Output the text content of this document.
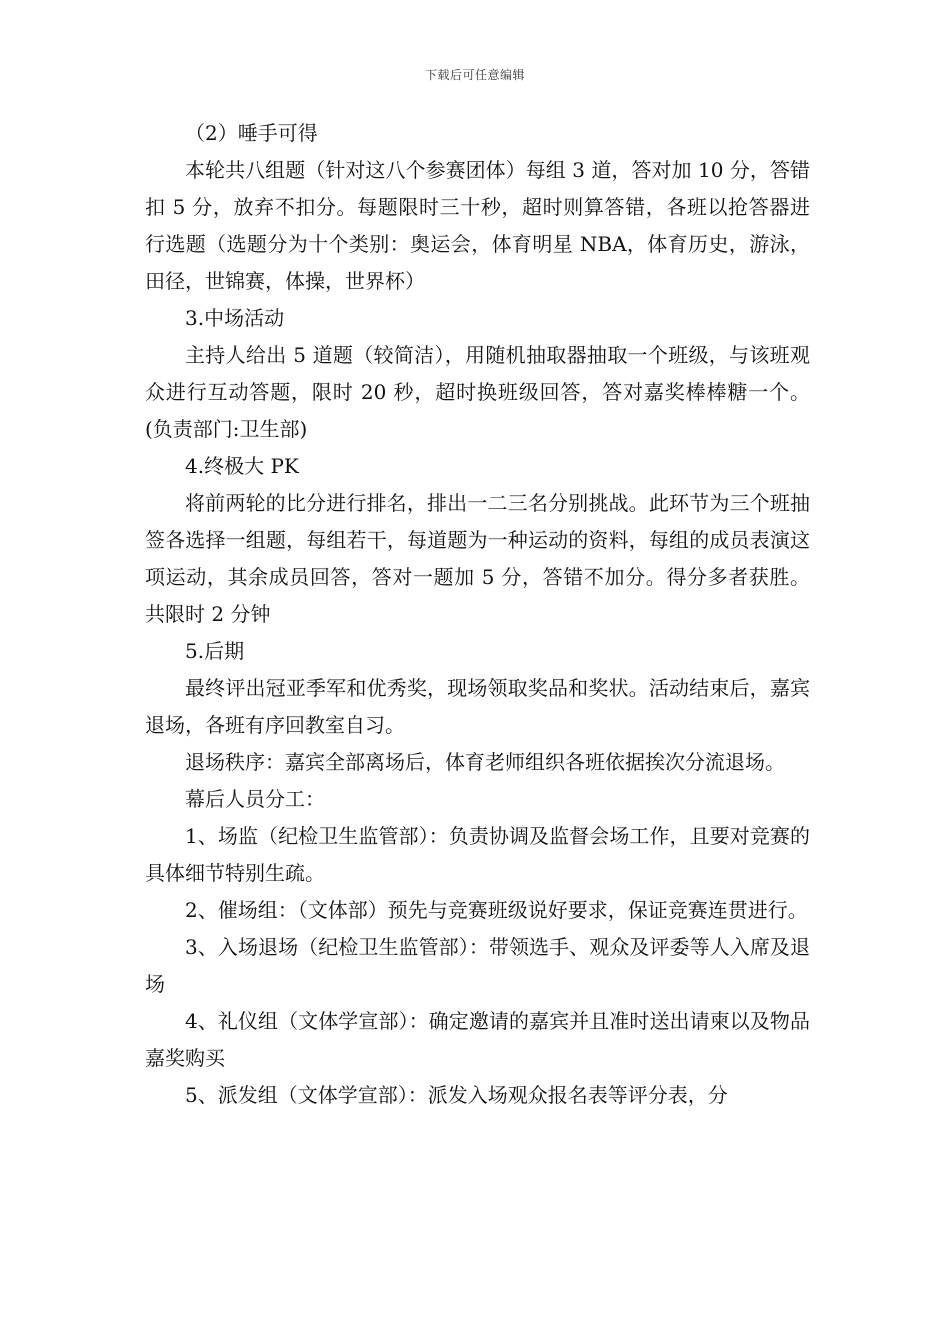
下载后可任意编辑

（2）唾手可得

本轮共八组题（针对这八个参赛团体）每组 3 道，答对加 10 分，答错扣 5 分，放弃不扣分。每题限时三十秒，超时则算答错，各班以抢答器进行选题（选题分为十个类别：奥运会，体育明星 NBA，体育历史，游泳，田径，世锦赛，体操，世界杯）

3.中场活动

主持人给出 5 道题（较简洁），用随机抽取器抽取一个班级，与该班观众进行互动答题，限时 20 秒，超时换班级回答，答对嘉奖棒棒糖一个。(负责部门:卫生部)

4.终极大 PK

将前两轮的比分进行排名，排出一二三名分别挑战。此环节为三个班抽签各选择一组题，每组若干，每道题为一种运动的资料，每组的成员表演这项运动，其余成员回答，答对一题加 5 分，答错不加分。得分多者获胜。共限时 2 分钟

5.后期

最终评出冠亚季军和优秀奖，现场领取奖品和奖状。活动结束后，嘉宾退场，各班有序回教室自习。

退场秩序：嘉宾全部离场后，体育老师组织各班依据挨次分流退场。

幕后人员分工：

1、场监（纪检卫生监管部）：负责协调及监督会场工作，且要对竞赛的具体细节特别生疏。

2、催场组：（文体部）预先与竞赛班级说好要求，保证竞赛连贯进行。

3、入场退场（纪检卫生监管部）：带领选手、观众及评委等人入席及退场

4、礼仪组（文体学宣部）：确定邀请的嘉宾并且准时送出请柬以及物品嘉奖购买

5、派发组（文体学宣部）：派发入场观众报名表等评分表，分
